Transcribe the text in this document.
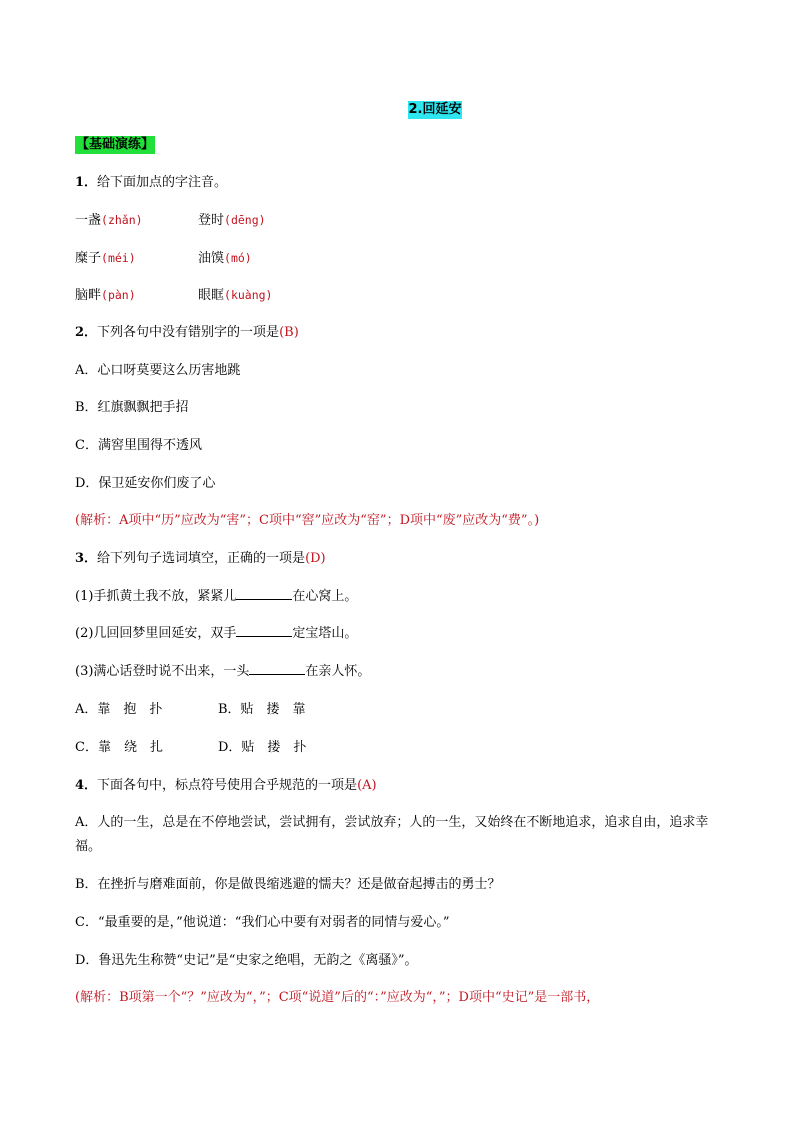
2.回延安
【基础演练】
1．给下面加点的字注音。
一盏(zhǎn)	登时(dēng)
糜子(méi)	油馍(mó)
脑畔(pàn)	眼眶(kuàng)
2．下列各句中没有错别字的一项是(B)
A．心口呀莫要这么历害地跳
B．红旗飘飘把手招
C．满窖里围得不透风
D．保卫延安你们废了心
(解析：A项中“历”应改为“害”；C项中“窖”应改为“窑”；D项中“废”应改为“费”。)
3．给下列句子选词填空，正确的一项是(D)
(1)手抓黄土我不放，紧紧儿	在心窝上。
(2)几回回梦里回延安，双手	定宝塔山。
(3)满心话登时说不出来，一头	在亲人怀。
A．靠　抱　扑	B．贴　搂　靠
C．靠　绕　扎	D．贴　搂　扑
4．下面各句中，标点符号使用合乎规范的一项是(A)
A．人的一生，总是在不停地尝试，尝试拥有，尝试放弃；人的一生，又始终在不断地追求，追求自由，追求幸福。
B．在挫折与磨难面前，你是做畏缩逃避的懦夫？还是做奋起搏击的勇士？
C．“最重要的是，”他说道：“我们心中要有对弱者的同情与爱心。”
D．鲁迅先生称赞“史记”是“史家之绝唱，无韵之《离骚》”。
(解析：B项第一个“？”应改为“，”；C项“说道”后的“：”应改为“，”；D项中“史记”是一部书，
